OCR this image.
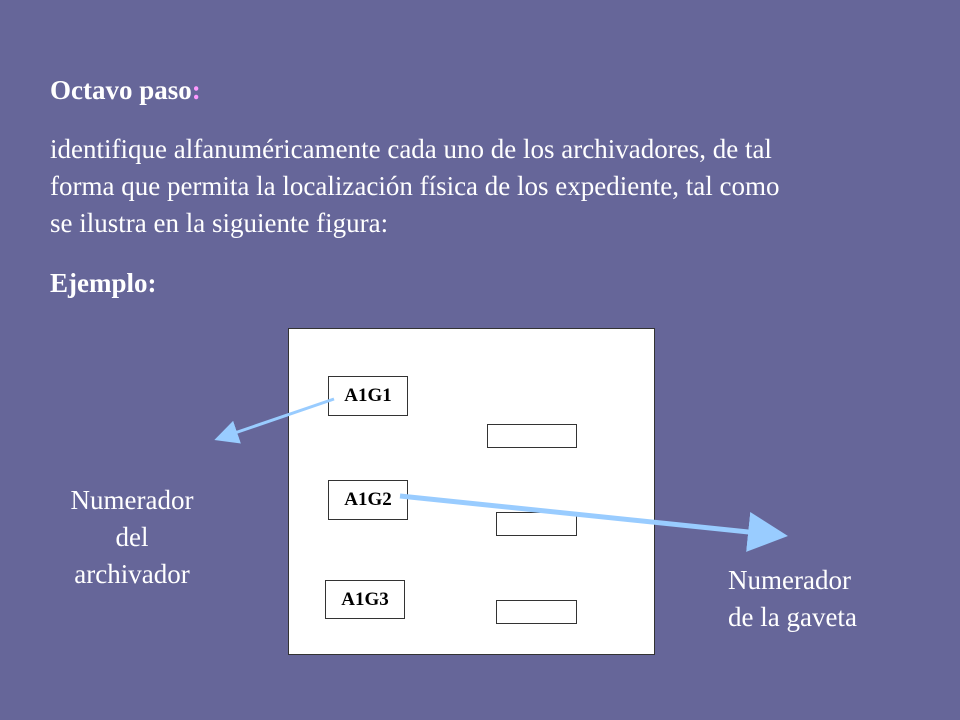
Octavo paso:
identifique alfanuméricamente cada uno de los archivadores, de tal
forma que permita la localización física de los expediente, tal como
se ilustra en la siguiente figura:
Ejemplo:
A1G1
A1G2
A1G3
Numerador
del
archivador	Numerador
de la gaveta
